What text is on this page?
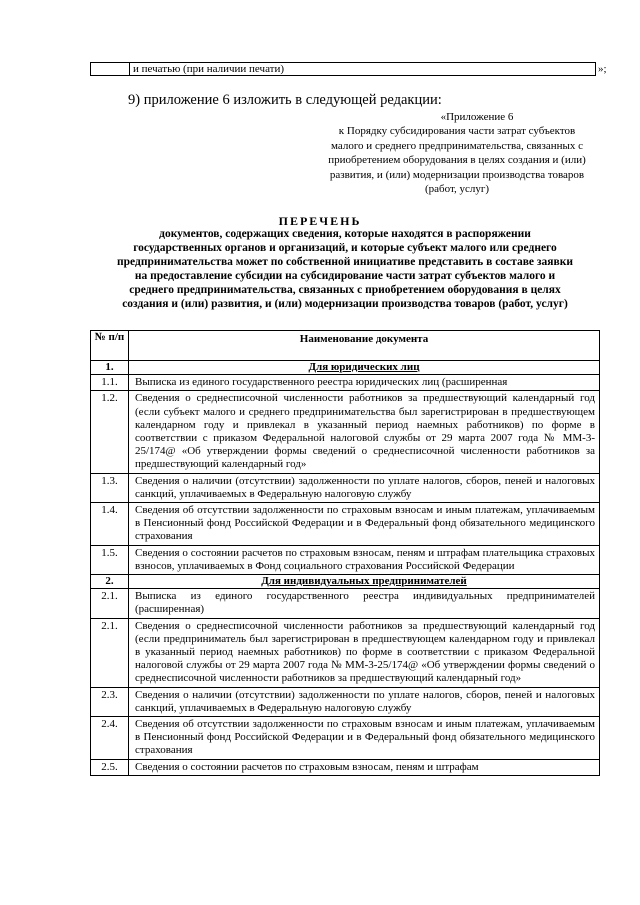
и печатью (при наличии печати)	»;
9) приложение 6 изложить в следующей редакции:
«Приложение 6
к Порядку субсидирования части затрат субъектов
малого и среднего предпринимательства, связанных с
приобретением оборудования в целях создания и (или)
развития, и (или) модернизации производства товаров
(работ, услуг)
ПЕРЕЧЕНЬ
документов, содержащих сведения, которые находятся в распоряжении
государственных органов и организаций, и которые субъект малого или среднего
предпринимательства может по собственной инициативе представить в составе заявки
на предоставление субсидии на субсидирование части затрат субъектов малого и
среднего предпринимательства, связанных с приобретением оборудования в целях
создания и (или) развития, и (или) модернизации производства товаров (работ, услуг)
№ п/п	Наименование документа
1.	Для юридических лиц
1.1.	Выписка из единого государственного реестра юридических лиц (расширенная
1.2.	Сведения о среднесписочной численности работников за предшествующий календарный год (если субъект малого и среднего предпринимательства был зарегистрирован в предшествующем календарном году и привлекал в указанный период наемных работников) по форме в соответствии с приказом Федеральной налоговой службы от 29 марта 2007 года № ММ-3-25/174@ «Об утверждении формы сведений о среднесписочной численности работников за предшествующий календарный год»
1.3.	Сведения о наличии (отсутствии) задолженности по уплате налогов, сборов, пеней и налоговых санкций, уплачиваемых в Федеральную налоговую службу
1.4.	Сведения об отсутствии задолженности по страховым взносам и иным платежам, уплачиваемым в Пенсионный фонд Российской Федерации и в Федеральный фонд обязательного медицинского страхования
1.5.	Сведения о состоянии расчетов по страховым взносам, пеням и штрафам плательщика страховых взносов, уплачиваемых в Фонд социального страхования Российской Федерации
2.	Для индивидуальных предпринимателей
2.1.	Выписка из единого государственного реестра индивидуальных предпринимателей (расширенная)
2.1.	Сведения о среднесписочной численности работников за предшествующий календарный год (если предприниматель был зарегистрирован в предшествующем календарном году и привлекал в указанный период наемных работников) по форме в соответствии с приказом Федеральной налоговой службы от 29 марта 2007 года № ММ-3-25/174@ «Об утверждении формы сведений о среднесписочной численности работников за предшествующий календарный год»
2.3.	Сведения о наличии (отсутствии) задолженности по уплате налогов, сборов, пеней и налоговых санкций, уплачиваемых в Федеральную налоговую службу
2.4.	Сведения об отсутствии задолженности по страховым взносам и иным платежам, уплачиваемым в Пенсионный фонд Российской Федерации и в Федеральный фонд обязательного медицинского страхования
2.5.	Сведения о состоянии расчетов по страховым взносам, пеням и штрафам
